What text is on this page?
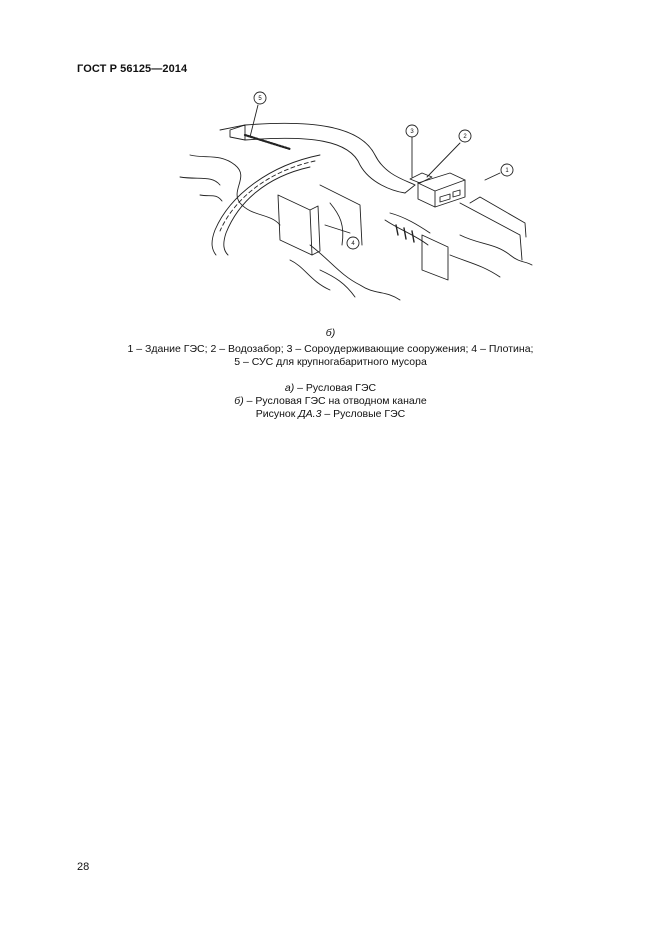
ГОСТ Р 56125—2014
1
2
3
4
5
б)
1 – Здание ГЭС; 2 – Водозабор; 3 – Сороудерживающие сооружения; 4 – Плотина;
5 – СУС для крупногабаритного мусора
а) – Русловая ГЭС
б) – Русловая ГЭС на отводном канале
Рисунок ДА.3 – Русловые ГЭС
28
